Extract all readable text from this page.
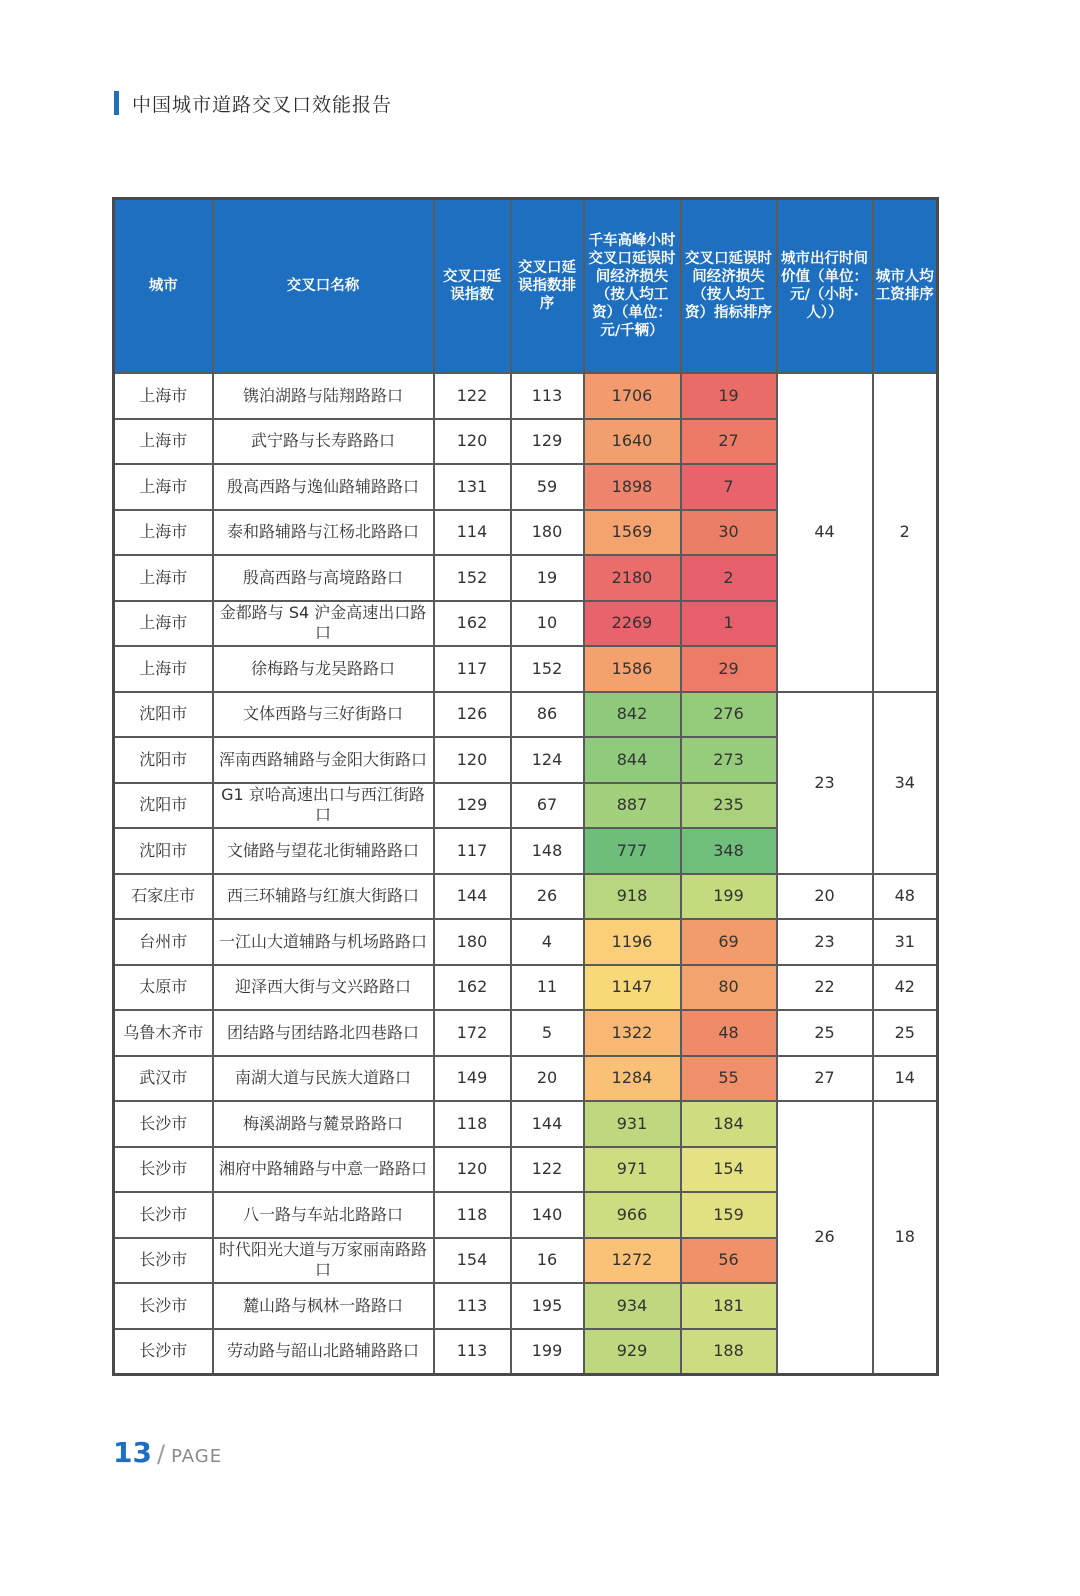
中国城市道路交叉口效能报告
城市	交叉口名称	交叉口延误指数	交叉口延误指数排序	千车高峰小时交叉口延误时间经济损失（按人均工资）（单位：元/千辆）	交叉口延误时间经济损失（按人均工资）指标排序	城市出行时间价值（单位：元/（小时·人））	城市人均工资排序
上海市	镌泊湖路与陆翔路路口	122	113	1706	19	44	2
上海市	武宁路与长寿路路口	120	129	1640	27		
上海市	殷高西路与逸仙路辅路路口	131	59	1898	7		
上海市	泰和路辅路与江杨北路路口	114	180	1569	30		
上海市	殷高西路与高境路路口	152	19	2180	2		
上海市	金都路与 S4 沪金高速出口路口	162	10	2269	1		
上海市	徐梅路与龙吴路路口	117	152	1586	29		
沈阳市	文体西路与三好街路口	126	86	842	276	23	34
沈阳市	浑南西路辅路与金阳大街路口	120	124	844	273		
沈阳市	G1 京哈高速出口与西江街路口	129	67	887	235		
沈阳市	文储路与望花北街辅路路口	117	148	777	348		
石家庄市	西三环辅路与红旗大街路口	144	26	918	199	20	48
台州市	一江山大道辅路与机场路路口	180	4	1196	69	23	31
太原市	迎泽西大街与文兴路路口	162	11	1147	80	22	42
乌鲁木齐市	团结路与团结路北四巷路口	172	5	1322	48	25	25
武汉市	南湖大道与民族大道路口	149	20	1284	55	27	14
长沙市	梅溪湖路与麓景路路口	118	144	931	184	26	18
长沙市	湘府中路辅路与中意一路路口	120	122	971	154		
长沙市	八一路与车站北路路口	118	140	966	159		
长沙市	时代阳光大道与万家丽南路路口	154	16	1272	56		
长沙市	麓山路与枫林一路路口	113	195	934	181		
长沙市	劳动路与韶山北路辅路路口	113	199	929	188		
13 / PAGE
